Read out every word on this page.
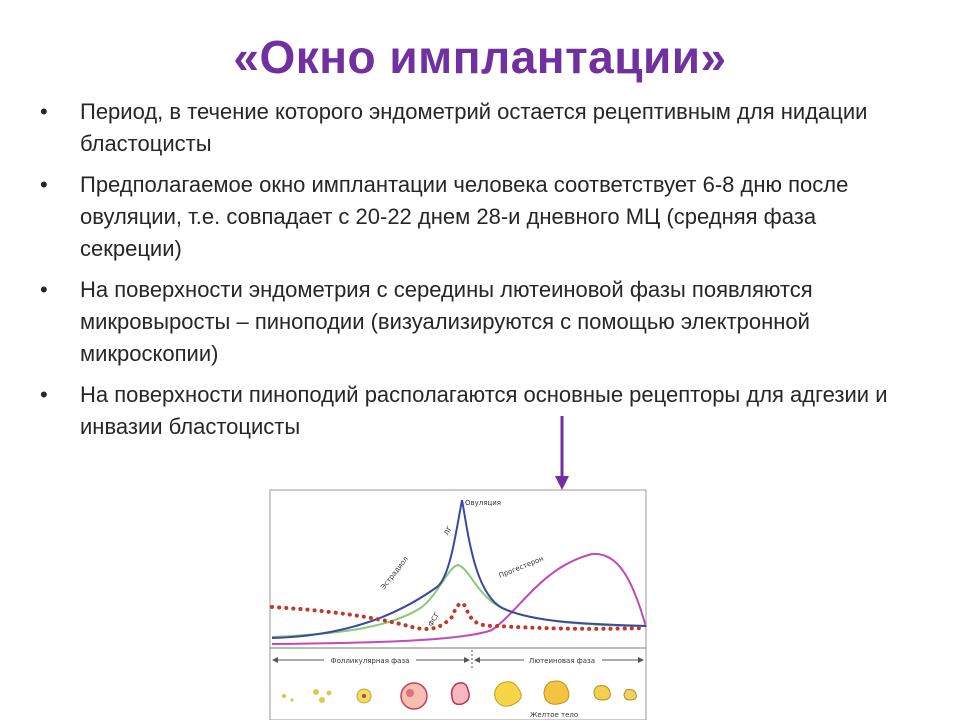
«Окно имплантации»
• Период, в течение которого эндометрий остается рецептивным для нидации бластоцисты
• Предполагаемое окно имплантации человека соответствует 6-8 дню после овуляции, т.е. совпадает с 20-22 днем 28-и дневного МЦ (средняя фаза секреции)
• На поверхности эндометрия с середины лютеиновой фазы появляются микровыросты – пиноподии (визуализируются с помощью электронной микроскопии)
• На поверхности пиноподий располагаются основные рецепторы для адгезии и инвазии бластоцисты
Овуляция
ЛГ
Эстрадиол	Прогестерон
ФСГ
Фолликулярная фаза	Лютеиновая фаза
Желтое тело
